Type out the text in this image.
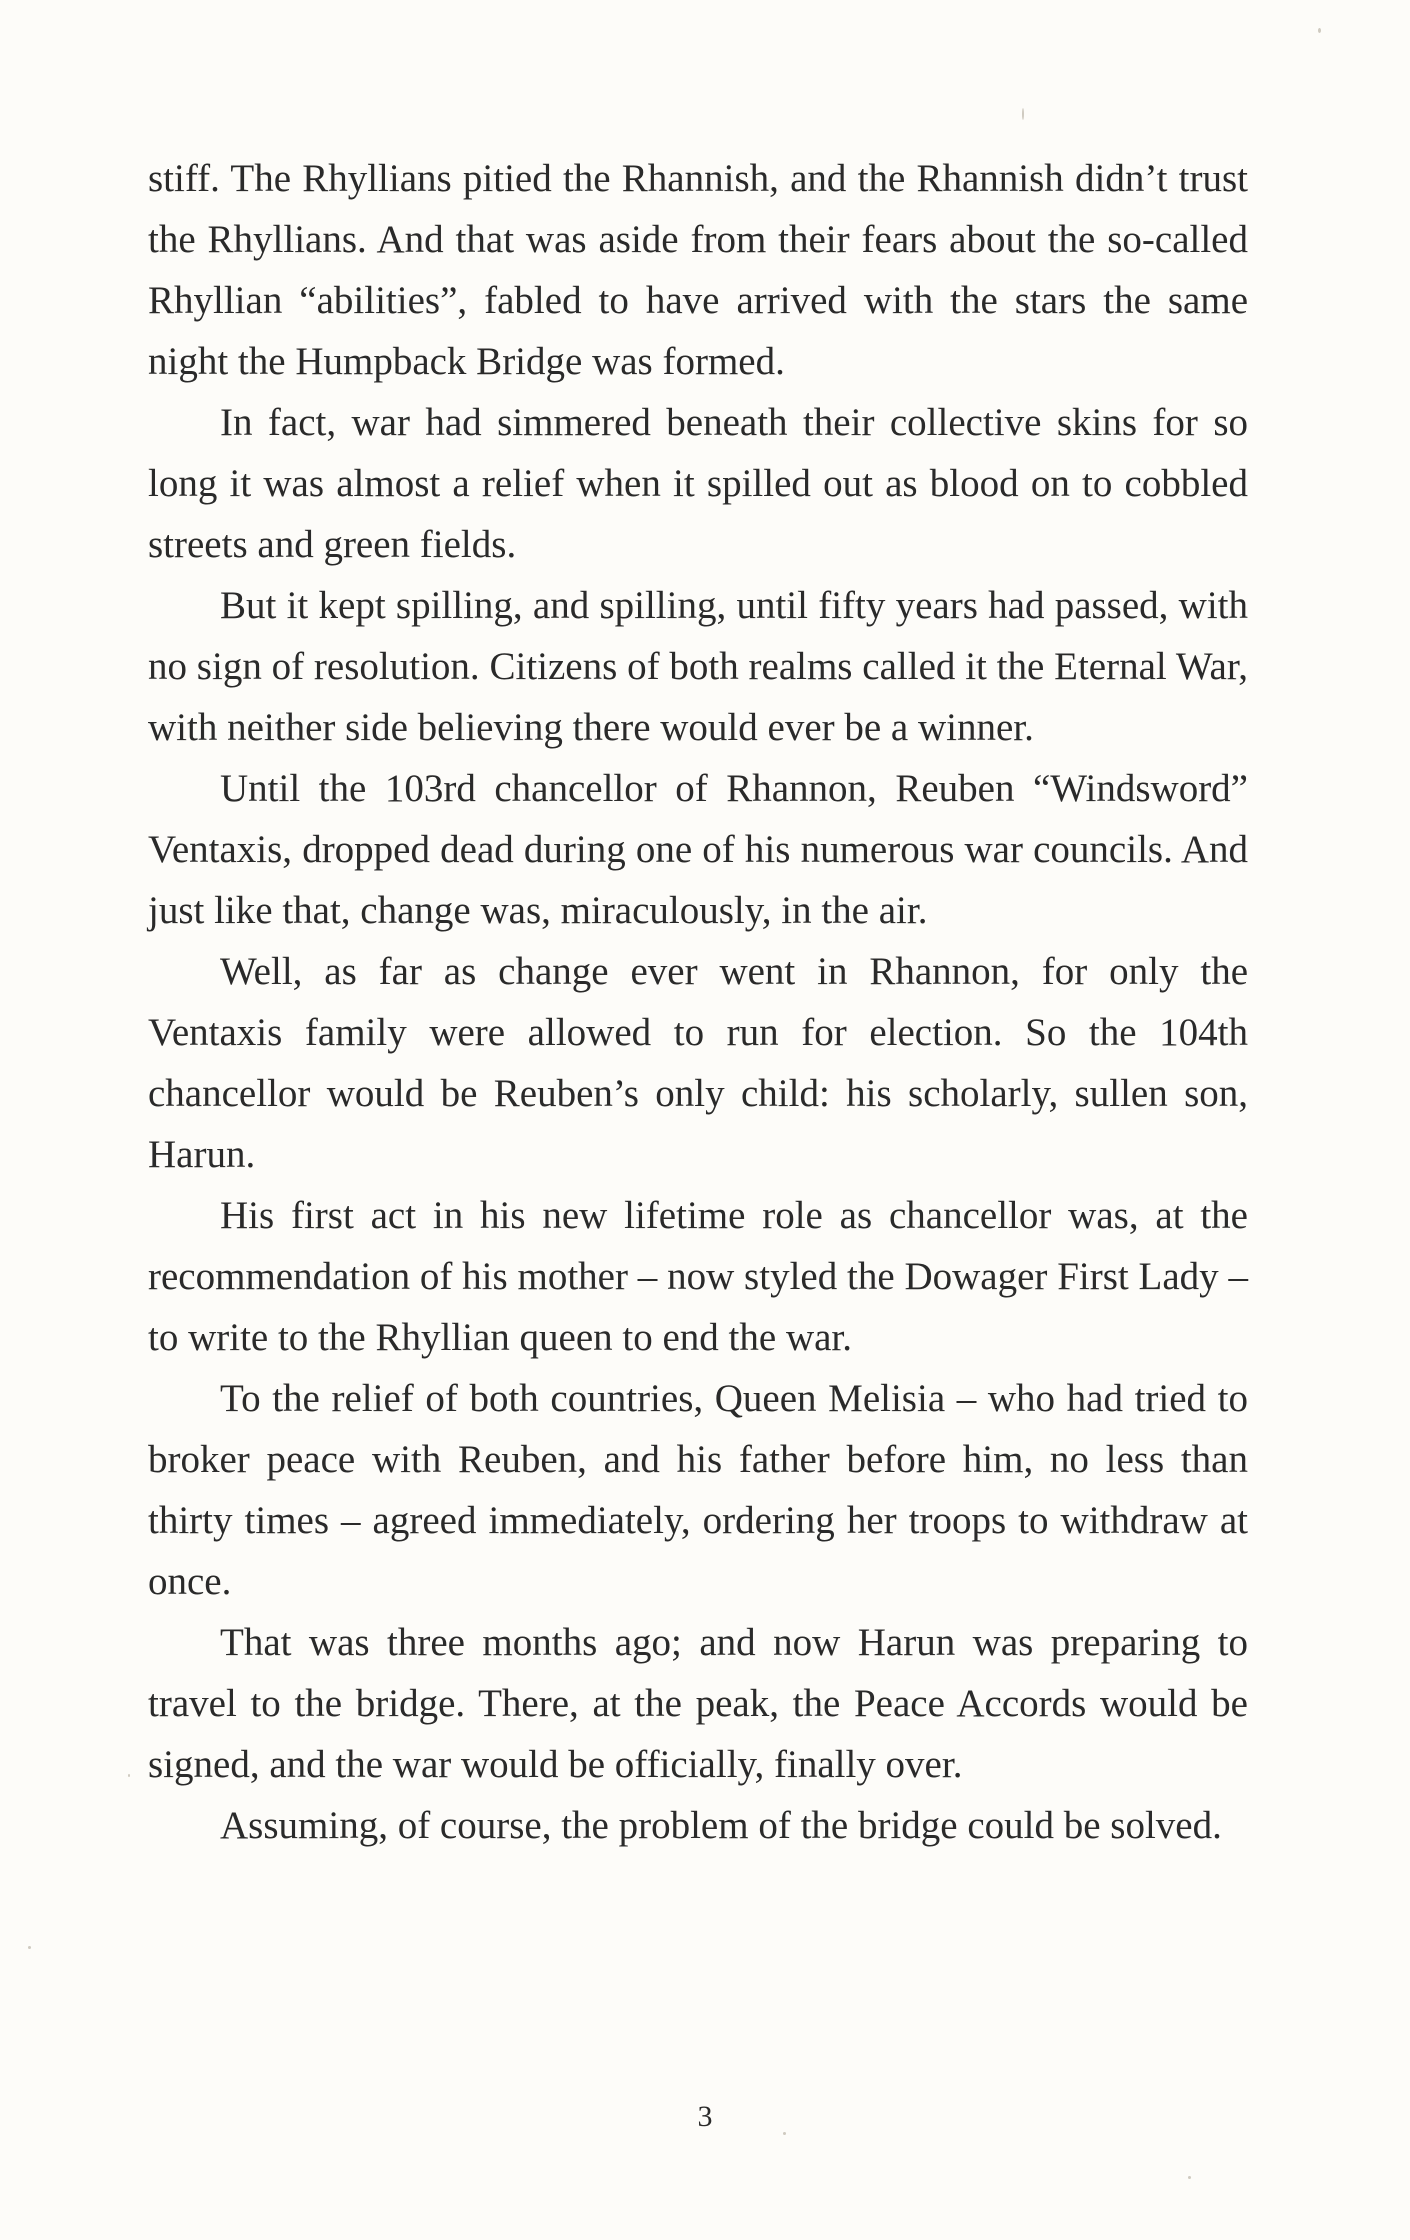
stiff. The Rhyllians pitied the Rhannish, and the Rhannish didn’t trust the Rhyllians. And that was aside from their fears about the so-called Rhyllian “abilities”, fabled to have arrived with the stars the same night the Humpback Bridge was formed.

In fact, war had simmered beneath their collective skins for so long it was almost a relief when it spilled out as blood on to cobbled streets and green fields.

But it kept spilling, and spilling, until fifty years had passed, with no sign of resolution. Citizens of both realms called it the Eternal War, with neither side believing there would ever be a winner.

Until the 103rd chancellor of Rhannon, Reuben “Windsword” Ventaxis, dropped dead during one of his numerous war councils. And just like that, change was, miraculously, in the air.

Well, as far as change ever went in Rhannon, for only the Ventaxis family were allowed to run for election. So the 104th chancellor would be Reuben’s only child: his scholarly, sullen son, Harun.

His first act in his new lifetime role as chancellor was, at the recommendation of his mother – now styled the Dowager First Lady – to write to the Rhyllian queen to end the war.

To the relief of both countries, Queen Melisia – who had tried to broker peace with Reuben, and his father before him, no less than thirty times – agreed immediately, ordering her troops to withdraw at once.

That was three months ago; and now Harun was preparing to travel to the bridge. There, at the peak, the Peace Accords would be signed, and the war would be officially, finally over.

Assuming, of course, the problem of the bridge could be solved.

3
